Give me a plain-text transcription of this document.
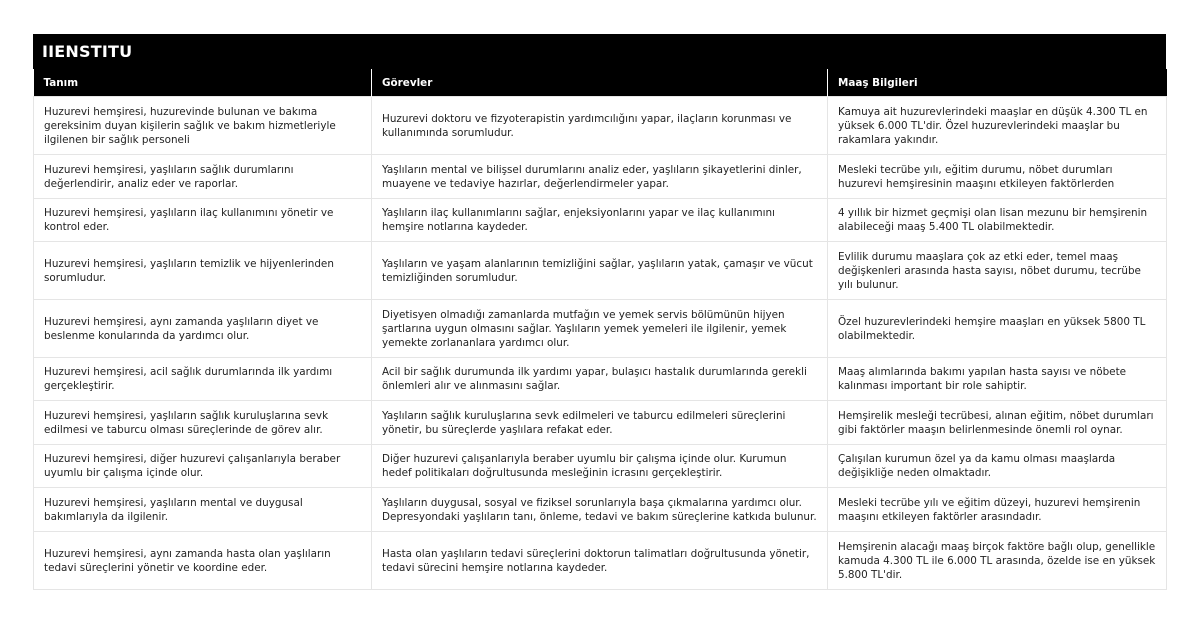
IIENSTITU
Tanım	Görevler	Maaş Bilgileri
Huzurevi hemşiresi, huzurevinde bulunan ve bakıma gereksinim duyan kişilerin sağlık ve bakım hizmetleriyle ilgilenen bir sağlık personeli	Huzurevi doktoru ve fizyoterapistin yardımcılığını yapar, ilaçların korunması ve kullanımında sorumludur.	Kamuya ait huzurevlerindeki maaşlar en düşük 4.300 TL en yüksek 6.000 TL'dir. Özel huzurevlerindeki maaşlar bu rakamlara yakındır.
Huzurevi hemşiresi, yaşlıların sağlık durumlarını değerlendirir, analiz eder ve raporlar.	Yaşlıların mental ve bilişsel durumlarını analiz eder, yaşlıların şikayetlerini dinler, muayene ve tedaviye hazırlar, değerlendirmeler yapar.	Mesleki tecrübe yılı, eğitim durumu, nöbet durumları huzurevi hemşiresinin maaşını etkileyen faktörlerden
Huzurevi hemşiresi, yaşlıların ilaç kullanımını yönetir ve kontrol eder.	Yaşlıların ilaç kullanımlarını sağlar, enjeksiyonlarını yapar ve ilaç kullanımını hemşire notlarına kaydeder.	4 yıllık bir hizmet geçmişi olan lisan mezunu bir hemşirenin alabileceği maaş 5.400 TL olabilmektedir.
Huzurevi hemşiresi, yaşlıların temizlik ve hijyenlerinden sorumludur.	Yaşlıların ve yaşam alanlarının temizliğini sağlar, yaşlıların yatak, çamaşır ve vücut temizliğinden sorumludur.	Evlilik durumu maaşlara çok az etki eder, temel maaş değişkenleri arasında hasta sayısı, nöbet durumu, tecrübe yılı bulunur.
Huzurevi hemşiresi, aynı zamanda yaşlıların diyet ve beslenme konularında da yardımcı olur.	Diyetisyen olmadığı zamanlarda mutfağın ve yemek servis bölümünün hijyen şartlarına uygun olmasını sağlar. Yaşlıların yemek yemeleri ile ilgilenir, yemek yemekte zorlananlara yardımcı olur.	Özel huzurevlerindeki hemşire maaşları en yüksek 5800 TL olabilmektedir.
Huzurevi hemşiresi, acil sağlık durumlarında ilk yardımı gerçekleştirir.	Acil bir sağlık durumunda ilk yardımı yapar, bulaşıcı hastalık durumlarında gerekli önlemleri alır ve alınmasını sağlar.	Maaş alımlarında bakımı yapılan hasta sayısı ve nöbete kalınması important bir role sahiptir.
Huzurevi hemşiresi, yaşlıların sağlık kuruluşlarına sevk edilmesi ve taburcu olması süreçlerinde de görev alır.	Yaşlıların sağlık kuruluşlarına sevk edilmeleri ve taburcu edilmeleri süreçlerini yönetir, bu süreçlerde yaşlılara refakat eder.	Hemşirelik mesleği tecrübesi, alınan eğitim, nöbet durumları gibi faktörler maaşın belirlenmesinde önemli rol oynar.
Huzurevi hemşiresi, diğer huzurevi çalışanlarıyla beraber uyumlu bir çalışma içinde olur.	Diğer huzurevi çalışanlarıyla beraber uyumlu bir çalışma içinde olur. Kurumun hedef politikaları doğrultusunda mesleğinin icrasını gerçekleştirir.	Çalışılan kurumun özel ya da kamu olması maaşlarda değişikliğe neden olmaktadır.
Huzurevi hemşiresi, yaşlıların mental ve duygusal bakımlarıyla da ilgilenir.	Yaşlıların duygusal, sosyal ve fiziksel sorunlarıyla başa çıkmalarına yardımcı olur. Depresyondaki yaşlıların tanı, önleme, tedavi ve bakım süreçlerine katkıda bulunur.	Mesleki tecrübe yılı ve eğitim düzeyi, huzurevi hemşirenin maaşını etkileyen faktörler arasındadır.
Huzurevi hemşiresi, aynı zamanda hasta olan yaşlıların tedavi süreçlerini yönetir ve koordine eder.	Hasta olan yaşlıların tedavi süreçlerini doktorun talimatları doğrultusunda yönetir, tedavi sürecini hemşire notlarına kaydeder.	Hemşirenin alacağı maaş birçok faktöre bağlı olup, genellikle kamuda 4.300 TL ile 6.000 TL arasında, özelde ise en yüksek 5.800 TL'dir.
